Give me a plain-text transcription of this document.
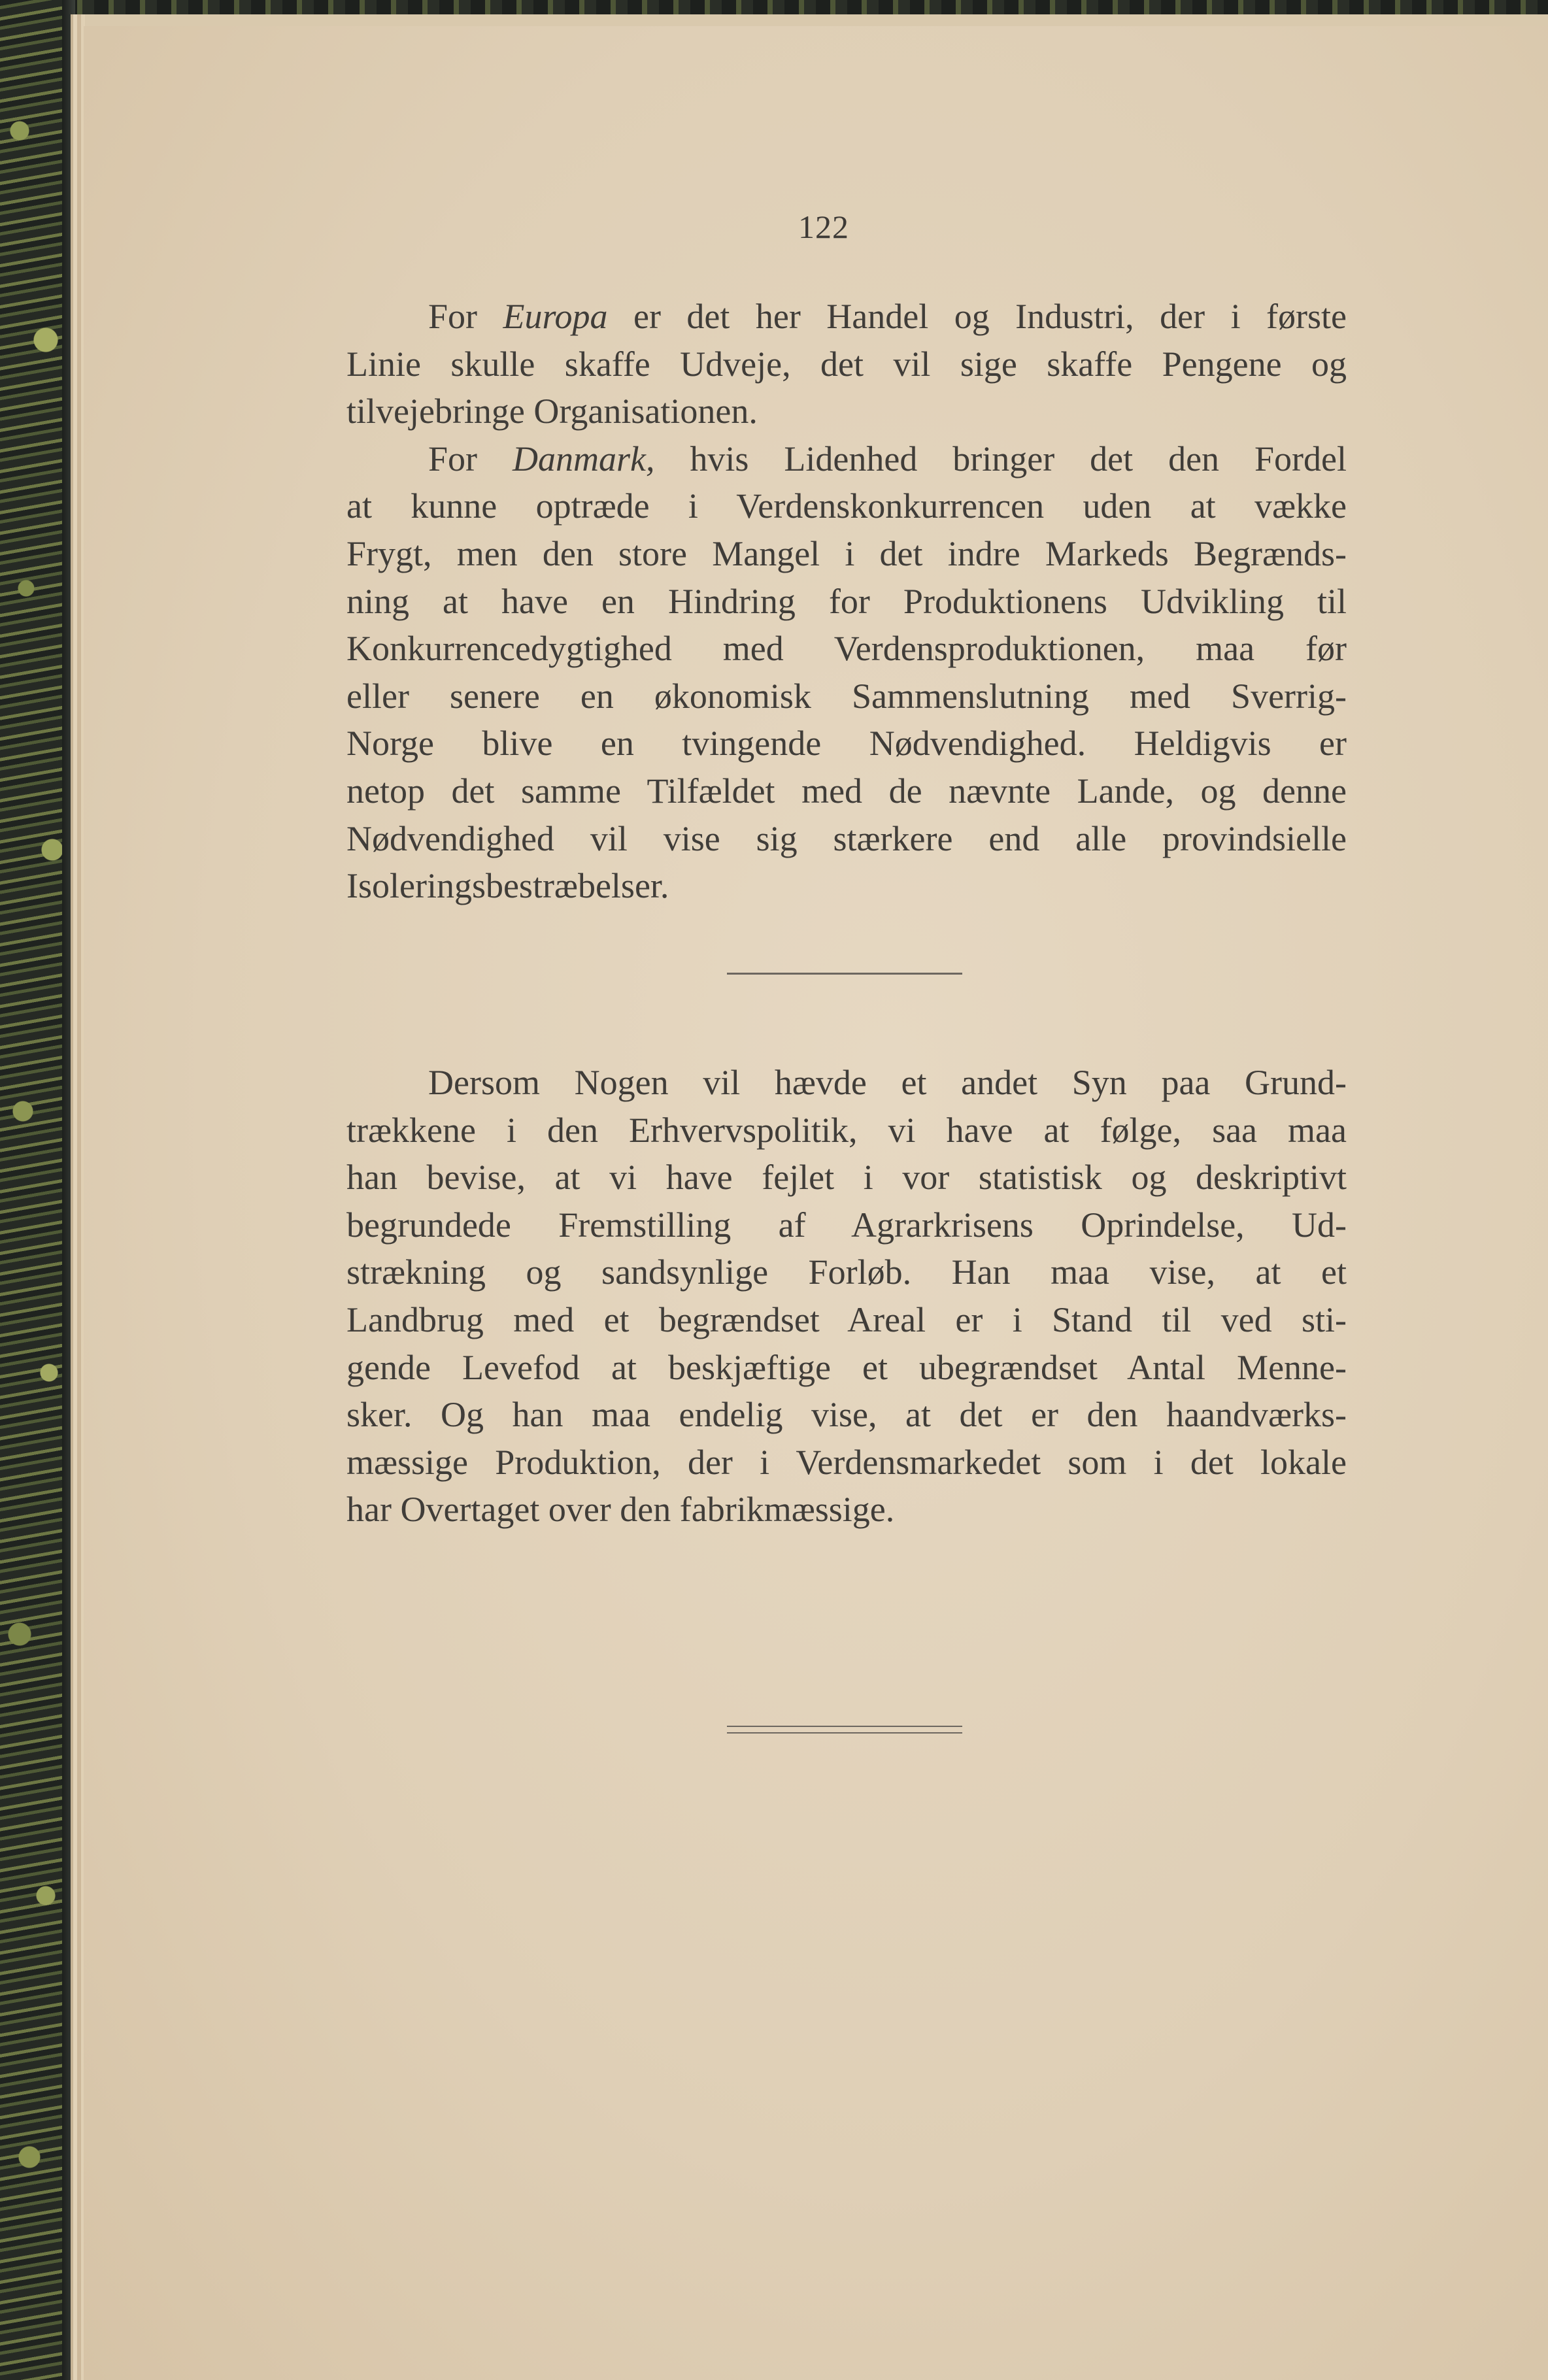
122
For Europa er det her Handel og Industri, der i første
Linie skulle skaffe Udveje, det vil sige skaffe Pengene og
tilvejebringe Organisationen.
For Danmark, hvis Lidenhed bringer det den Fordel
at kunne optræde i Verdenskonkurrencen uden at vække
Frygt, men den store Mangel i det indre Markeds Begrænds-
ning at have en Hindring for Produktionens Udvikling til
Konkurrencedygtighed med Verdensproduktionen, maa før
eller senere en økonomisk Sammenslutning med Sverrig-
Norge blive en tvingende Nødvendighed. Heldigvis er
netop det samme Tilfældet med de nævnte Lande, og denne
Nødvendighed vil vise sig stærkere end alle provindsielle
Isoleringsbestræbelser.
Dersom Nogen vil hævde et andet Syn paa Grund-
trækkene i den Erhvervspolitik, vi have at følge, saa maa
han bevise, at vi have fejlet i vor statistisk og deskriptivt
begrundede Fremstilling af Agrarkrisens Oprindelse, Ud-
strækning og sandsynlige Forløb. Han maa vise, at et
Landbrug med et begrændset Areal er i Stand til ved sti-
gende Levefod at beskjæftige et ubegrændset Antal Menne-
sker. Og han maa endelig vise, at det er den haandværks-
mæssige Produktion, der i Verdensmarkedet som i det lokale
har Overtaget over den fabrikmæssige.
